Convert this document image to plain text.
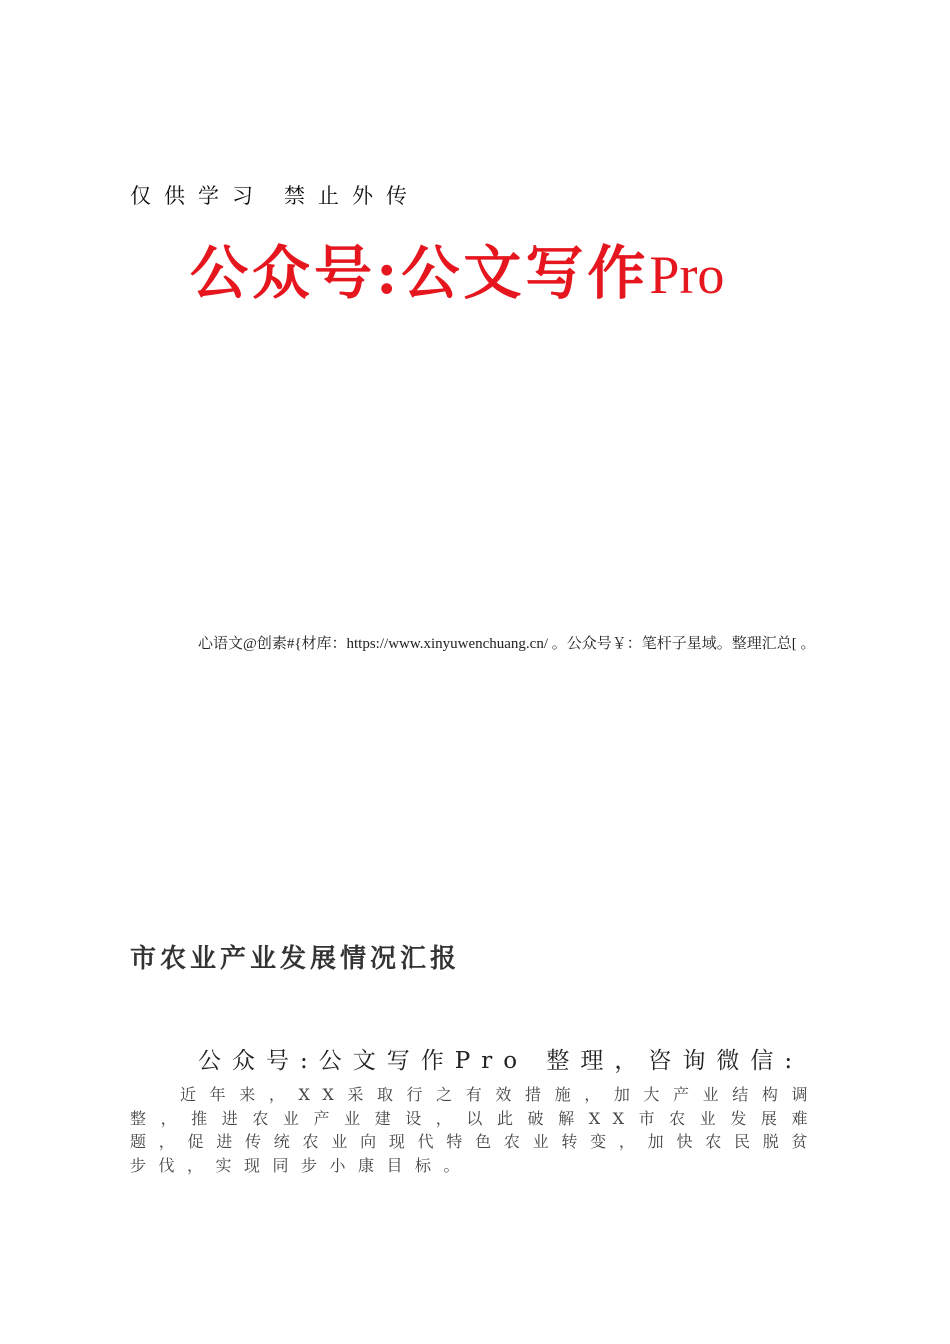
仅供学习 禁止外传
公众号:公文写作Pro
心语文@创素#{材库：https://www.xinyuwenchuang.cn/ 。公众号￥：笔杆子星域。整理汇总[ 。
市农业产业发展情况汇报
公众号:公文写作Pro 整理，咨询微信:
近年来，XX采取行之有效措施，加大产业结构调整，推进农业产业建设，以此破解XX市农业发展难题，促进传统农业向现代特色农业转变，加快农民脱贫步伐，实现同步小康目标。
